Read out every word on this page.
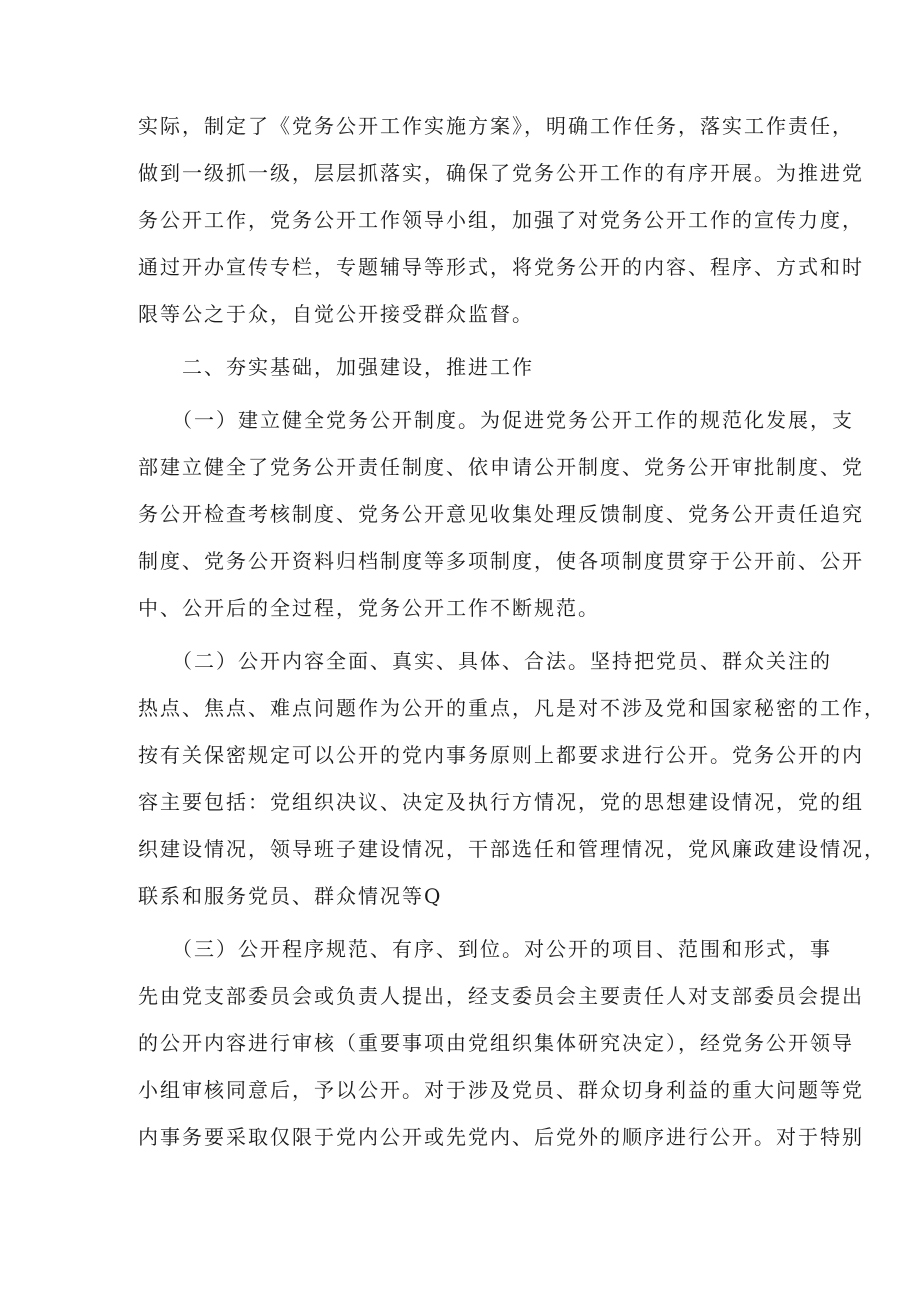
实际，制定了《党务公开工作实施方案》，明确工作任务，落实工作责任，
做到一级抓一级，层层抓落实，确保了党务公开工作的有序开展。为推进党
务公开工作，党务公开工作领导小组，加强了对党务公开工作的宣传力度，
通过开办宣传专栏，专题辅导等形式，将党务公开的内容、程序、方式和时
限等公之于众，自觉公开接受群众监督。
　　二、夯实基础，加强建设，推进工作
　　（一）建立健全党务公开制度。为促进党务公开工作的规范化发展，支
部建立健全了党务公开责任制度、依申请公开制度、党务公开审批制度、党
务公开检查考核制度、党务公开意见收集处理反馈制度、党务公开责任追究
制度、党务公开资料归档制度等多项制度，使各项制度贯穿于公开前、公开
中、公开后的全过程，党务公开工作不断规范。
　　（二）公开内容全面、真实、具体、合法。坚持把党员、群众关注的
热点、焦点、难点问题作为公开的重点，凡是对不涉及党和国家秘密的工作，
按有关保密规定可以公开的党内事务原则上都要求进行公开。党务公开的内
容主要包括：党组织决议、决定及执行方情况，党的思想建设情况，党的组
织建设情况，领导班子建设情况，干部选任和管理情况，党风廉政建设情况，
联系和服务党员、群众情况等Q
　　（三）公开程序规范、有序、到位。对公开的项目、范围和形式，事
先由党支部委员会或负责人提出，经支委员会主要责任人对支部委员会提出
的公开内容进行审核（重要事项由党组织集体研究决定），经党务公开领导
小组审核同意后，予以公开。对于涉及党员、群众切身利益的重大问题等党
内事务要采取仅限于党内公开或先党内、后党外的顺序进行公开。对于特别
